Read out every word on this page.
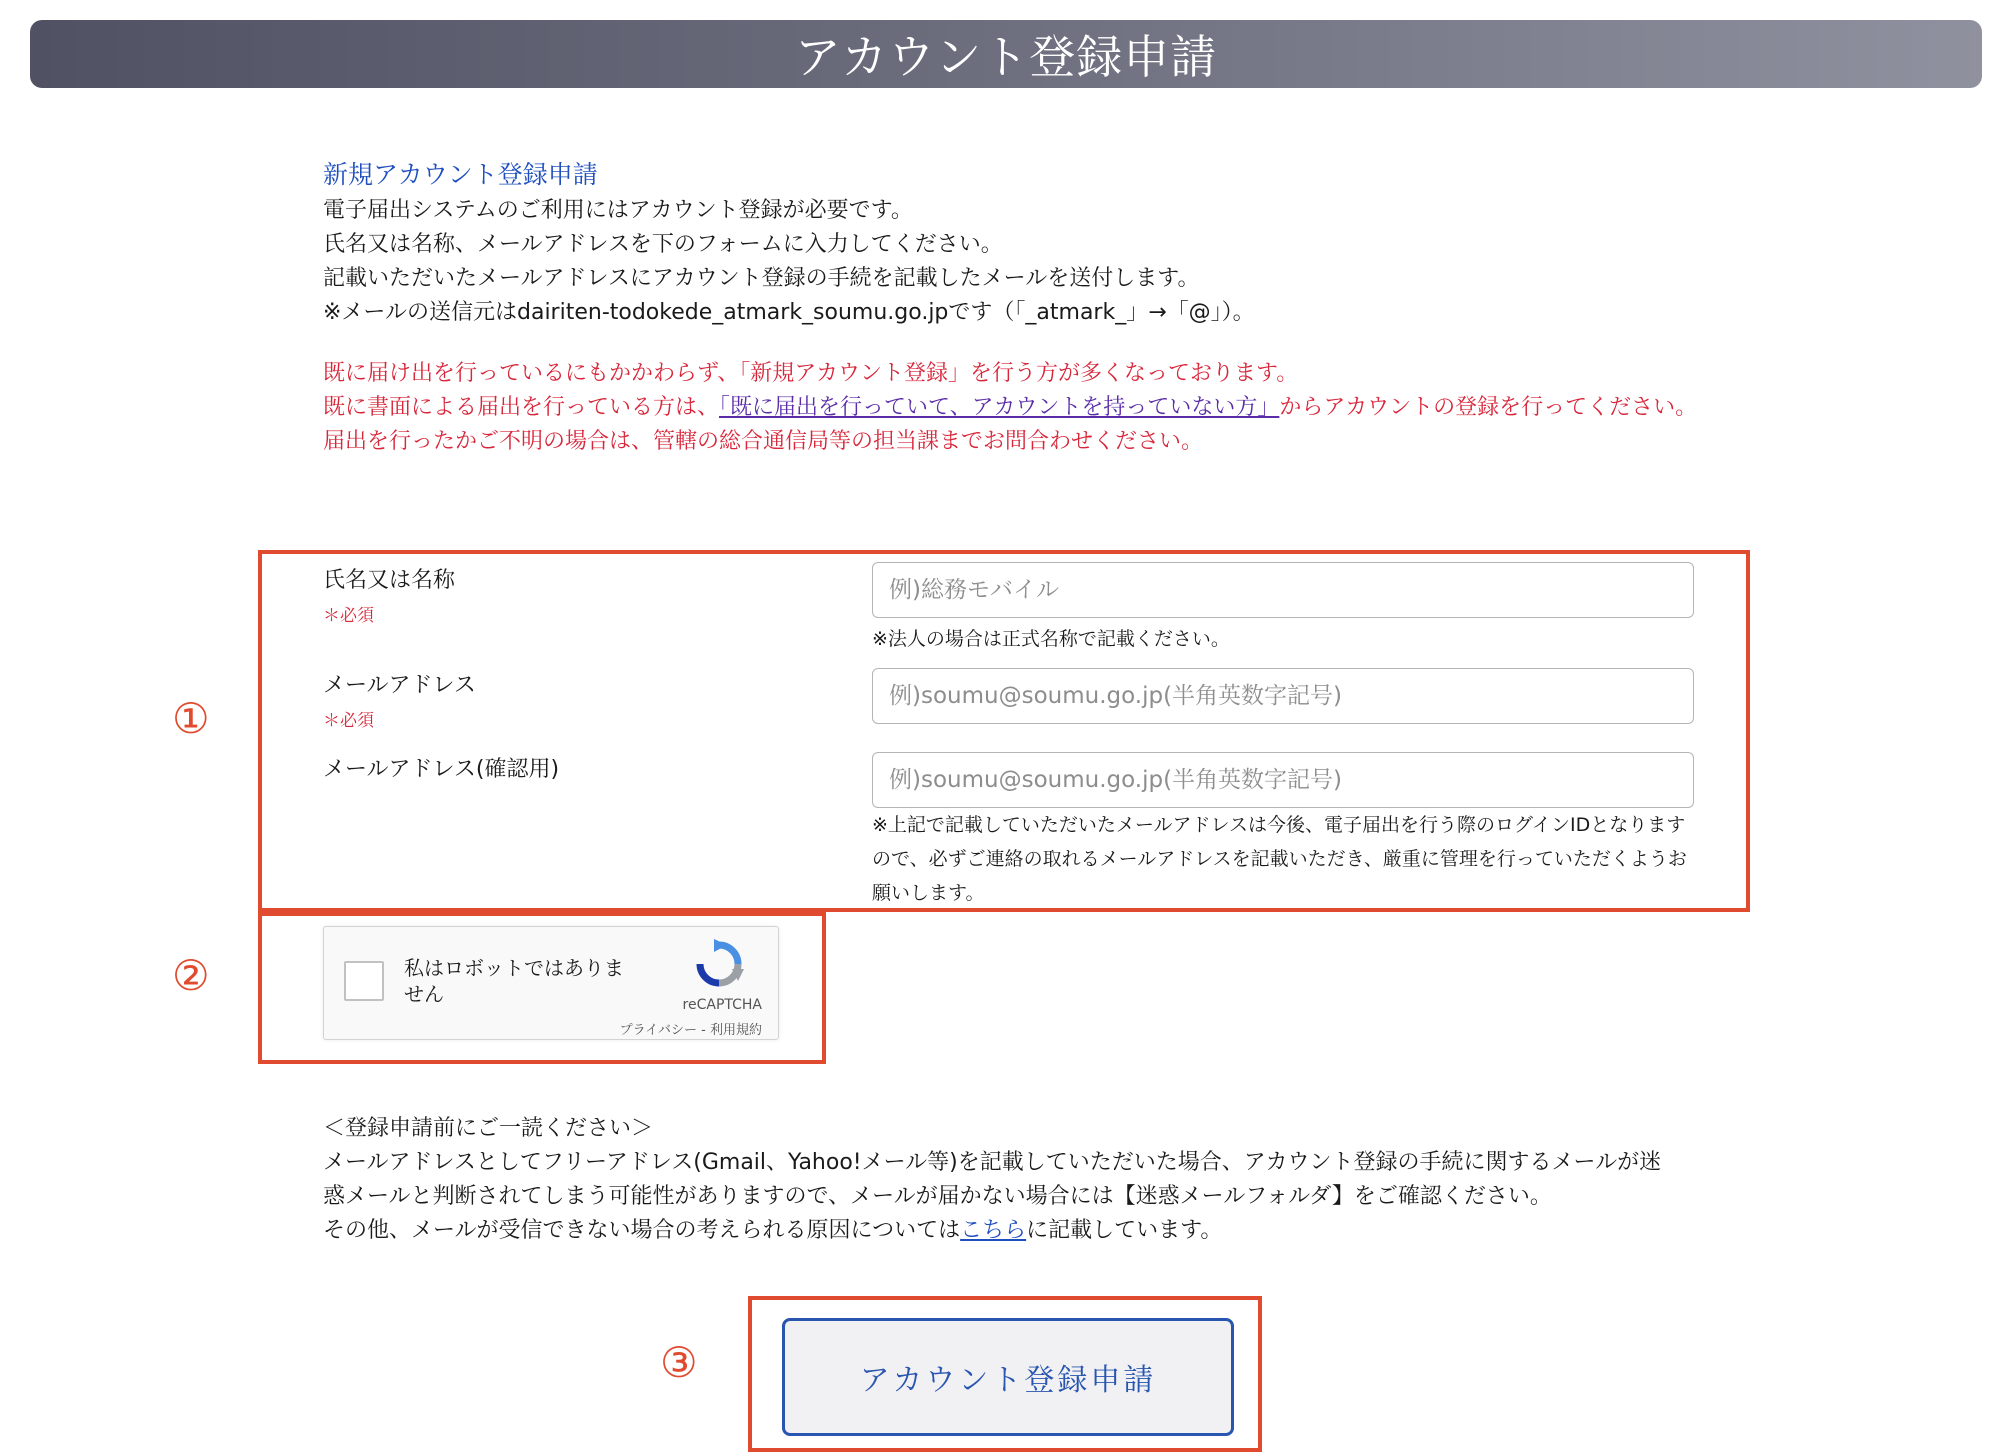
アカウント登録申請
新規アカウント登録申請
電子届出システムのご利用にはアカウント登録が必要です。
氏名又は名称、メールアドレスを下のフォームに入力してください。
記載いただいたメールアドレスにアカウント登録の手続を記載したメールを送付します。
※メールの送信元はdairiten-todokede_atmark_soumu.go.jpです（「_atmark_」→「@」）。
既に届け出を行っているにもかかわらず、「新規アカウント登録」を行う方が多くなっております。
既に書面による届出を行っている方は、「既に届出を行っていて、アカウントを持っていない方」からアカウントの登録を行ってください。
届出を行ったかご不明の場合は、管轄の総合通信局等の担当課までお問合わせください。
①
②
③
氏名又は名称
＊必須
例)総務モバイル
※法人の場合は正式名称で記載ください。
メールアドレス
＊必須
例)soumu@soumu.go.jp(半角英数字記号)
メールアドレス(確認用)
例)soumu@soumu.go.jp(半角英数字記号)
※上記で記載していただいたメールアドレスは今後、電子届出を行う際のログインIDとなりますので、必ずご連絡の取れるメールアドレスを記載いただき、厳重に管理を行っていただくようお願いします。
私はロボットではありません	reCAPTCHA
プライバシー - 利用規約
＜登録申請前にご一読ください＞
メールアドレスとしてフリーアドレス(Gmail、Yahoo!メール等)を記載していただいた場合、アカウント登録の手続に関するメールが迷
惑メールと判断されてしまう可能性がありますので、メールが届かない場合には【迷惑メールフォルダ】をご確認ください。
その他、メールが受信できない場合の考えられる原因についてはこちらに記載しています。
アカウント登録申請
